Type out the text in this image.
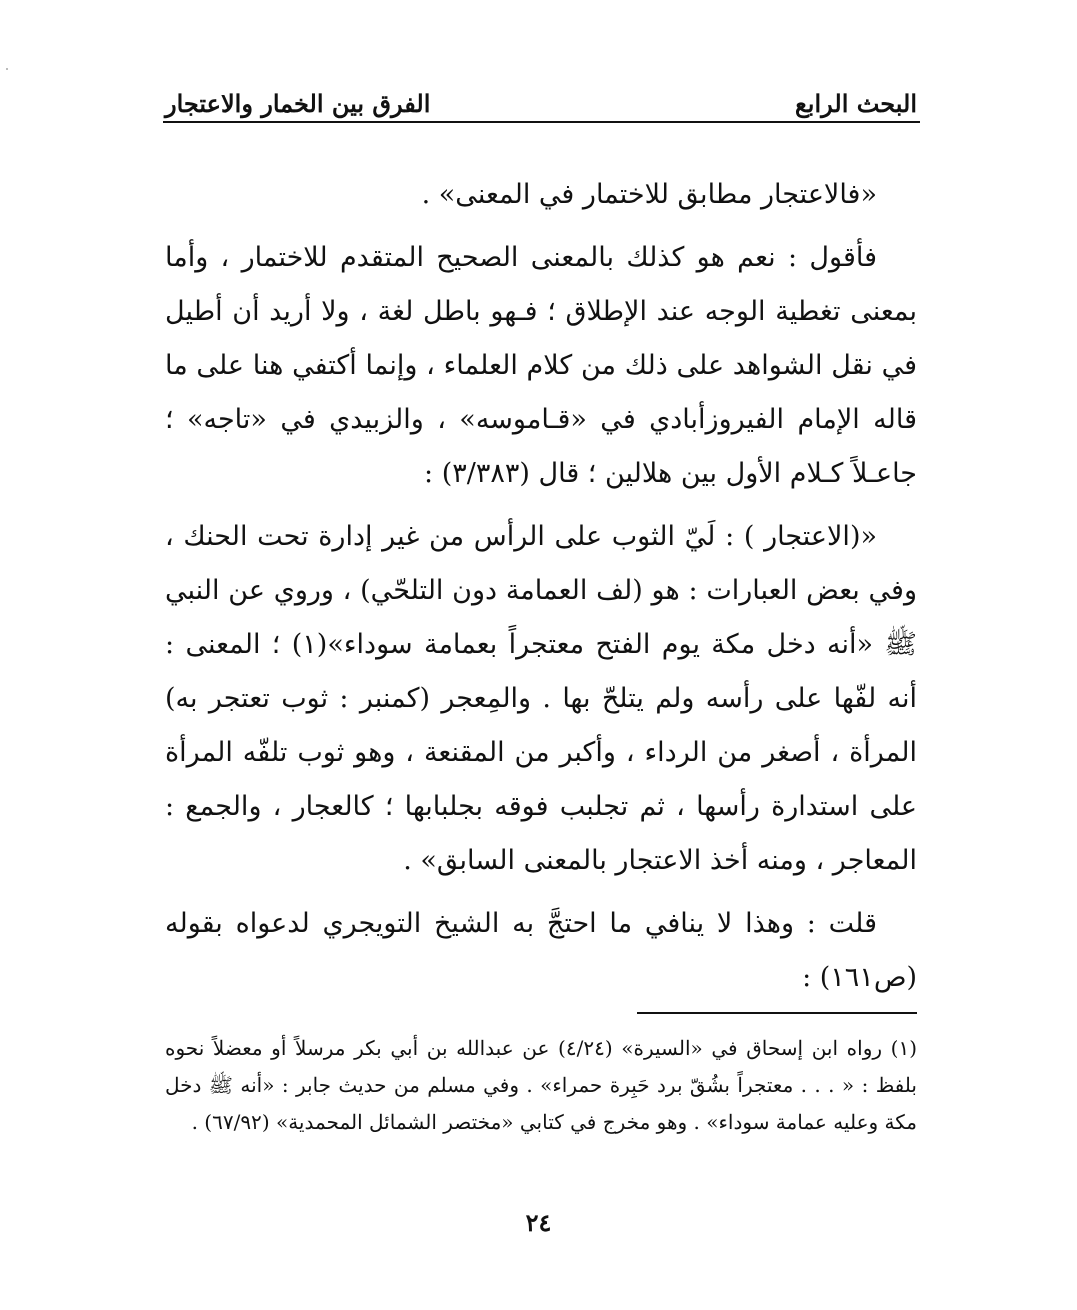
البحث الرابع
الفرق بين الخمار والاعتجار

«فالاعتجار مطابق للاختمار في المعنى» .

فأقول : نعم هو كذلك بالمعنى الصحيح المتقدم للاختمار ، وأما بمعنى تغطية الوجه عند الإطلاق ؛ فـهو باطل لغة ، ولا أريد أن أطيل في نقل الشواهد على ذلك من كلام العلماء ، وإنما أكتفي هنا على ما قاله الإمام الفيروزأبادي في «قـاموسه» ، والزبيدي في «تاجه» ؛ جاعـلاً كـلام الأول بين هلالين ؛ قال (٣/٣٨٣) :

«(الاعتجار ) : لَيّ الثوب على الرأس من غير إدارة تحت الحنك ، وفي بعض العبارات : هو (لف العمامة دون التلحّي) ، وروي عن النبي ﷺ «أنه دخل مكة يوم الفتح معتجراً بعمامة سوداء»(١) ؛ المعنى : أنه لفّها على رأسه ولم يتلحّ بها . والمِعجر (كمنبر : ثوب تعتجر به) المرأة ، أصغر من الرداء ، وأكبر من المقنعة ، وهو ثوب تلفّه المرأة على استدارة رأسها ، ثم تجلبب فوقه بجلبابها ؛ كالعجار ، والجمع : المعاجر ، ومنه أخذ الاعتجار بالمعنى السابق» .

قلت : وهذا لا ينافي ما احتجَّ به الشيخ التويجري لدعواه بقوله (ص١٦١) :

(١) رواه ابن إسحاق في «السيرة» (٤/٢٤) عن عبدالله بن أبي بكر مرسلاً أو معضلاً نحوه بلفظ : « . . . معتجراً بشُقّ برد حَبِرة حمراء» . وفي مسلم من حديث جابر : «أنه ﷺ دخل مكة وعليه عمامة سوداء» . وهو مخرج في كتابي «مختصر الشمائل المحمدية» (٦٧/٩٢) .

٢٤
